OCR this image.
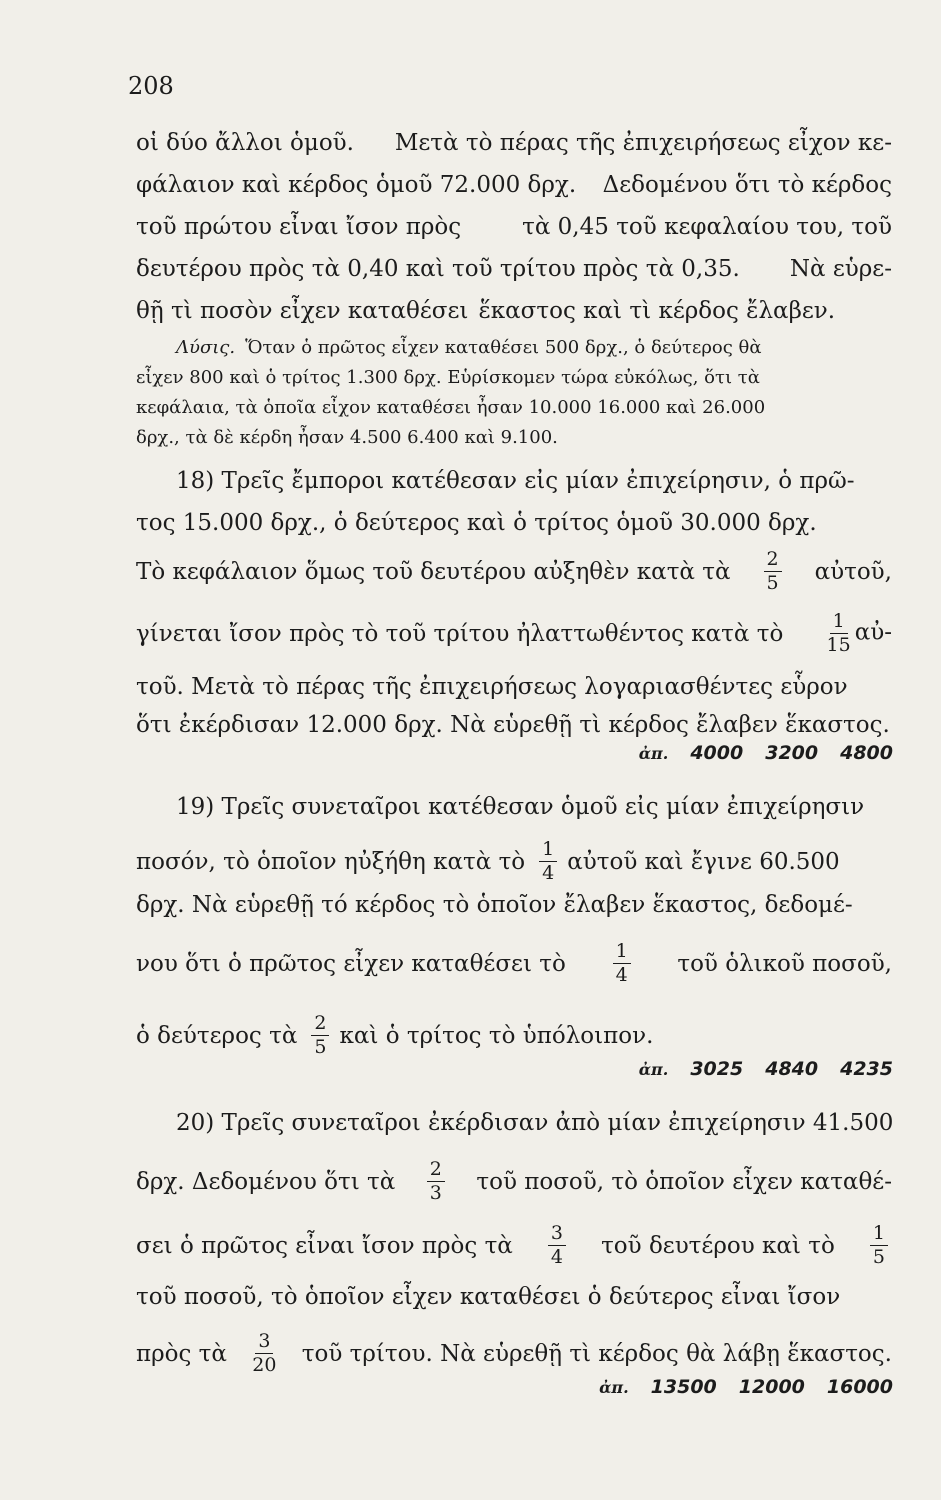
208
οἱ δύο ἄλλοι ὁμοῦ. Μετὰ τὸ πέρας τῆς ἐπιχειρήσεως εἶχον κε-
φάλαιον καὶ κέρδος ὁμοῦ 72.000 δρχ. Δεδομένου ὅτι τὸ κέρδος
τοῦ πρώτου εἶναι ἴσον πρὸς	τὰ 0,45 τοῦ κεφαλαίου του, τοῦ
δευτέρου πρὸς τὰ 0,40 καὶ τοῦ τρίτου πρὸς τὰ 0,35. Νὰ εὑρε-
θῇ τὶ ποσὸν εἶχεν καταθέσει ἕκαστος καὶ τὶ κέρδος ἔλαβεν.
Λύσις. Ὅταν ὁ πρῶτος εἶχεν καταθέσει 500 δρχ., ὁ δεύτερος θὰ
εἶχεν 800 καὶ ὁ τρίτος 1.300 δρχ. Εὑρίσκομεν τώρα εὐκόλως, ὅτι τὰ
κεφάλαια, τὰ ὁποῖα εἶχον καταθέσει ἦσαν 10.000 16.000 καὶ 26.000
δρχ., τὰ δὲ κέρδη ἦσαν 4.500 6.400 καὶ 9.100.
18) Τρεῖς ἔμποροι κατέθεσαν εἰς μίαν ἐπιχείρησιν, ὁ πρῶ-
τος 15.000 δρχ., ὁ δεύτερος καὶ ὁ τρίτος ὁμοῦ 30.000 δρχ.
Τὸ κεφάλαιον ὅμως τοῦ δευτέρου αὐξηθὲν κατὰ τὰ 2
5 αὐτοῦ,
γίνεται ἴσον πρὸς τὸ τοῦ τρίτου ἠλαττωθέντος κατὰ τὸ $\frac{1}{15}$ αὐ-
τοῦ. Μετὰ τὸ πέρας τῆς ἐπιχειρήσεως λογαριασθέντες εὗρον
ὅτι ἐκέρδισαν 12.000 δρχ. Νὰ εὑρεθῇ τὶ κέρδος ἔλαβεν ἕκαστος.
ἀπ. 4000 3200 4800
19) Τρεῖς συνεταῖροι κατέθεσαν ὁμοῦ εἰς μίαν ἐπιχείρησιν
ποσόν, τὸ ὁποῖον ηὐξήθη κατὰ τὸ 1
4 αὐτοῦ καὶ ἔγινε 60.500
δρχ. Νὰ εὑρεθῇ τό κέρδος τὸ ὁποῖον ἔλαβεν ἕκαστος, δεδομέ-
νου ὅτι ὁ πρῶτος εἶχεν καταθέσει τὸ	1
4 τοῦ ὁλικοῦ ποσοῦ,
ὁ δεύτερος τὰ 2
5 καὶ ὁ τρίτος τὸ ὑπόλοιπον.
ἀπ. 3025 4840 4235
20) Τρεῖς συνεταῖροι ἐκέρδισαν ἀπὸ μίαν ἐπιχείρησιν 41.500
δρχ. Δεδομένου ὅτι τὰ 2
3 τοῦ ποσοῦ, τὸ ὁποῖον εἶχεν καταθέ-
σει ὁ πρῶτος εἶναι ἴσον πρὸς τὰ 3
4 τοῦ δευτέρου καὶ τὸ 1
5
τοῦ ποσοῦ, τὸ ὁποῖον εἶχεν καταθέσει ὁ δεύτερος εἶναι ἴσον
πρὸς τὰ 3
20 τοῦ τρίτου. Νὰ εὑρεθῇ τὶ κέρδος θὰ λάβῃ ἕκαστος.
ἀπ. 13500 12000 16000
